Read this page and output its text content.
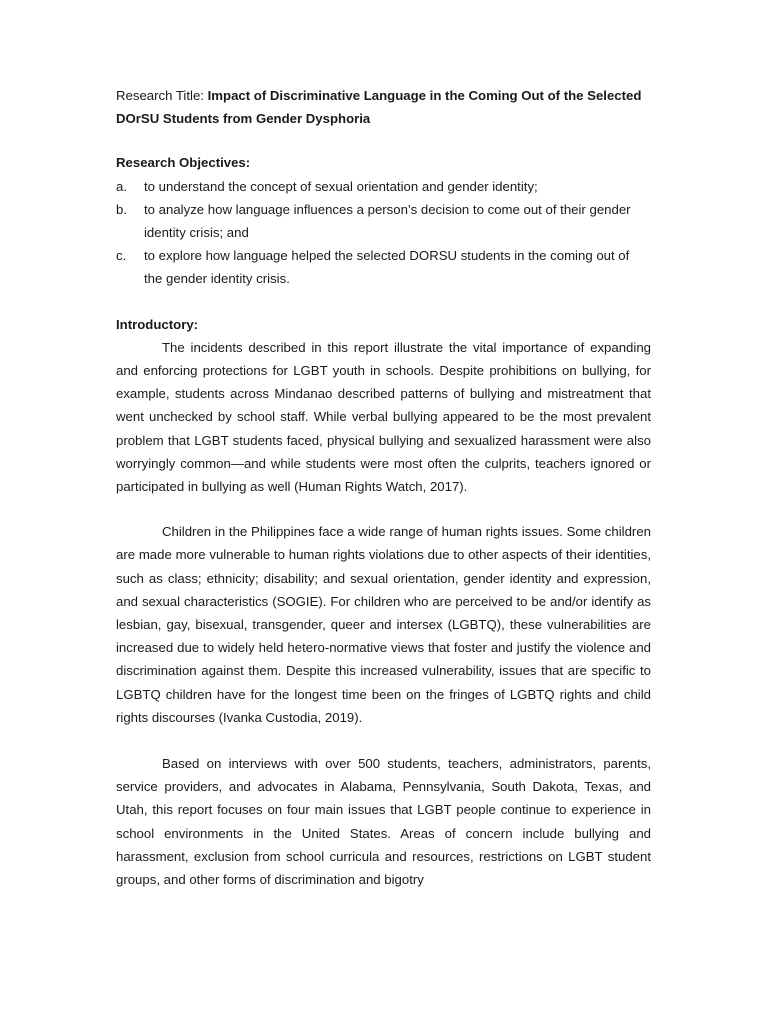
Research Title: Impact of Discriminative Language in the Coming Out of the Selected DOrSU Students from Gender Dysphoria
Research Objectives:
a. to understand the concept of sexual orientation and gender identity;
b. to analyze how language influences a person’s decision to come out of their gender identity crisis; and
c. to explore how language helped the selected DORSU students in the coming out of the gender identity crisis.
Introductory:

The incidents described in this report illustrate the vital importance of expanding and enforcing protections for LGBT youth in schools. Despite prohibitions on bullying, for example, students across Mindanao described patterns of bullying and mistreatment that went unchecked by school staff. While verbal bullying appeared to be the most prevalent problem that LGBT students faced, physical bullying and sexualized harassment were also worryingly common—and while students were most often the culprits, teachers ignored or participated in bullying as well (Human Rights Watch, 2017).

Children in the Philippines face a wide range of human rights issues. Some children are made more vulnerable to human rights violations due to other aspects of their identities, such as class; ethnicity; disability; and sexual orientation, gender identity and expression, and sexual characteristics (SOGIE). For children who are perceived to be and/or identify as lesbian, gay, bisexual, transgender, queer and intersex (LGBTQ), these vulnerabilities are increased due to widely held hetero-normative views that foster and justify the violence and discrimination against them. Despite this increased vulnerability, issues that are specific to LGBTQ children have for the longest time been on the fringes of LGBTQ rights and child rights discourses (Ivanka Custodia, 2019).

Based on interviews with over 500 students, teachers, administrators, parents, service providers, and advocates in Alabama, Pennsylvania, South Dakota, Texas, and Utah, this report focuses on four main issues that LGBT people continue to experience in school environments in the United States. Areas of concern include bullying and harassment, exclusion from school curricula and resources, restrictions on LGBT student groups, and other forms of discrimination and bigotry
